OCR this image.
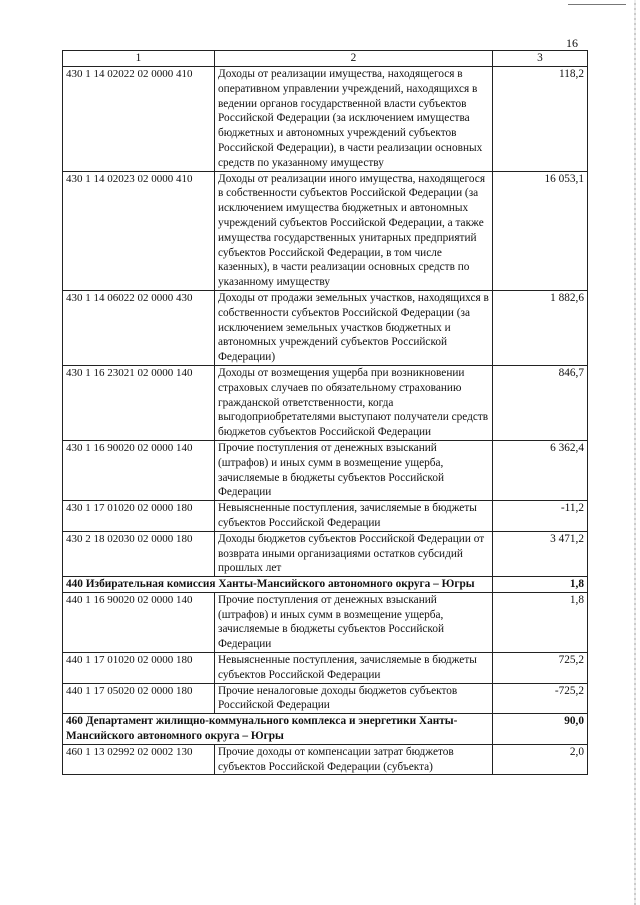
16
1	2	3
430 1 14 02022 02 0000 410	Доходы от реализации имущества, находящегося в оперативном управлении учреждений, находящихся в ведении органов государственной власти субъектов Российской Федерации (за исключением имущества бюджетных и автономных учреждений субъектов Российской Федерации), в части реализации основных средств по указанному имуществу	118,2
430 1 14 02023 02 0000 410	Доходы от реализации иного имущества, находящегося в собственности субъектов Российской Федерации (за исключением имущества бюджетных и автономных учреждений субъектов Российской Федерации, а также имущества государственных унитарных предприятий субъектов Российской Федерации, в том числе казенных), в части реализации основных средств по указанному имуществу	16 053,1
430 1 14 06022 02 0000 430	Доходы от продажи земельных участков, находящихся в собственности субъектов Российской Федерации (за исключением земельных участков бюджетных и автономных учреждений субъектов Российской Федерации)	1 882,6
430 1 16 23021 02 0000 140	Доходы от возмещения ущерба при возникновении страховых случаев по обязательному страхованию гражданской ответственности, когда выгодоприобретателями выступают получатели средств бюджетов субъектов Российской Федерации	846,7
430 1 16 90020 02 0000 140	Прочие поступления от денежных взысканий (штрафов) и иных сумм в возмещение ущерба, зачисляемые в бюджеты субъектов Российской Федерации	6 362,4
430 1 17 01020 02 0000 180	Невыясненные поступления, зачисляемые в бюджеты субъектов Российской Федерации	-11,2
430 2 18 02030 02 0000 180	Доходы бюджетов субъектов Российской Федерации от возврата иными организациями остатков субсидий прошлых лет	3 471,2
440 Избирательная комиссия Ханты-Мансийского автономного округа – Югры		1,8
440 1 16 90020 02 0000 140	Прочие поступления от денежных взысканий (штрафов) и иных сумм в возмещение ущерба, зачисляемые в бюджеты субъектов Российской Федерации	1,8
440 1 17 01020 02 0000 180	Невыясненные поступления, зачисляемые в бюджеты субъектов Российской Федерации	725,2
440 1 17 05020 02 0000 180	Прочие неналоговые доходы бюджетов субъектов Российской Федерации	-725,2
460 Департамент жилищно-коммунального комплекса и энергетики Ханты-Мансийского автономного округа – Югры		90,0
460 1 13 02992 02 0002 130	Прочие доходы от компенсации затрат бюджетов субъектов Российской Федерации (субъекта)	2,0
